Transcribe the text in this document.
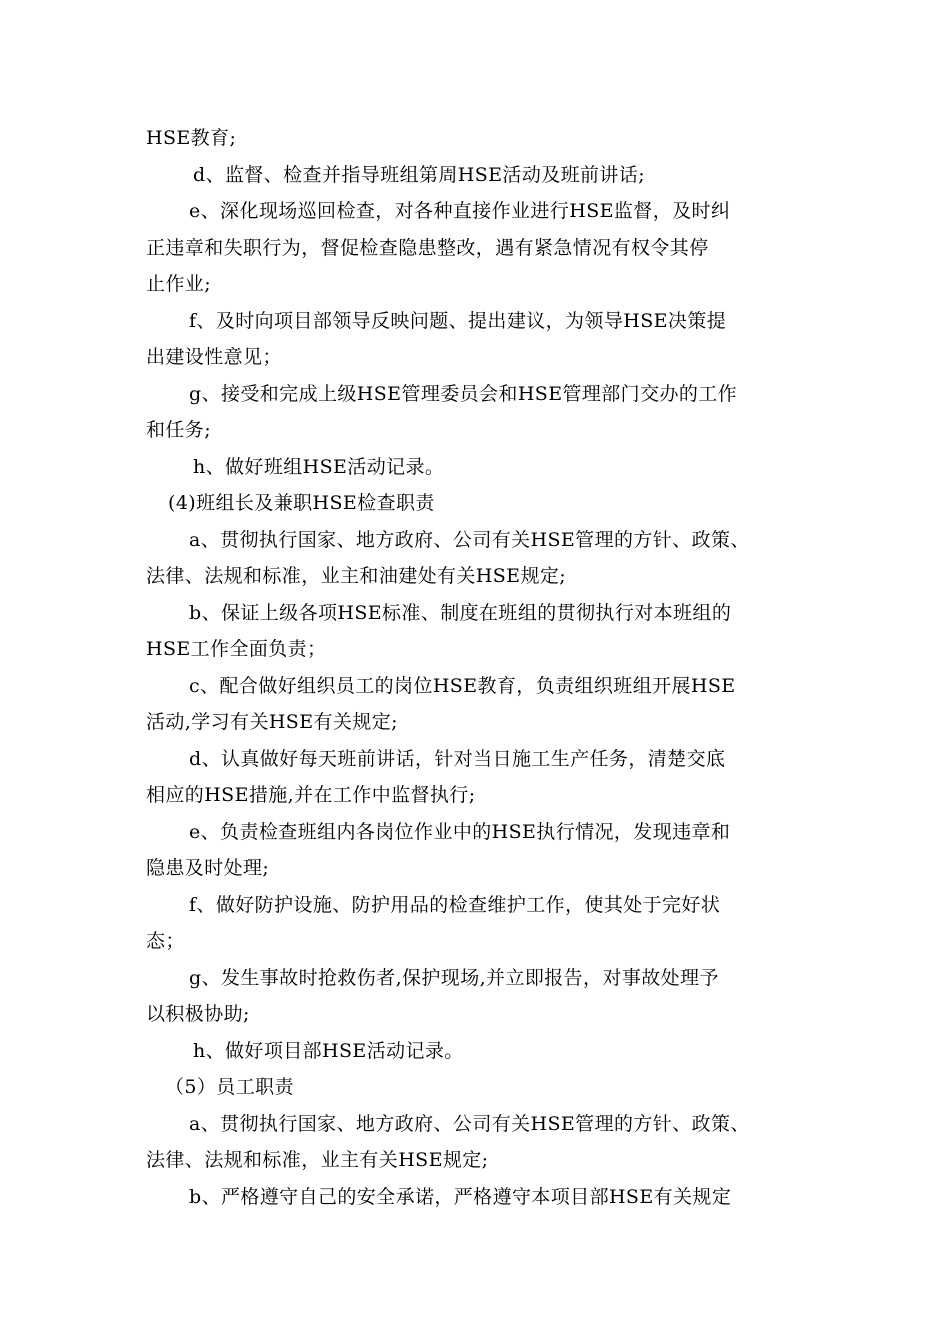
HSE教育;
d、监督、检查并指导班组第周HSE活动及班前讲话;
e、深化现场巡回检查，对各种直接作业进行HSE监督，及时纠
正违章和失职行为，督促检查隐患整改，遇有紧急情况有权令其停
止作业;
f、及时向项目部领导反映问题、提出建议，为领导HSE决策提
出建设性意见；
g、接受和完成上级HSE管理委员会和HSE管理部门交办的工作
和任务;
h、做好班组HSE活动记录。
(4)班组长及兼职HSE检查职责
a、贯彻执行国家、地方政府、公司有关HSE管理的方针、政策、
法律、法规和标准，业主和油建处有关HSE规定;
b、保证上级各项HSE标准、制度在班组的贯彻执行对本班组的
HSE工作全面负责；
c、配合做好组织员工的岗位HSE教育，负责组织班组开展HSE
活动,学习有关HSE有关规定;
d、认真做好每天班前讲话，针对当日施工生产任务，清楚交底
相应的HSE措施,并在工作中监督执行;
e、负责检查班组内各岗位作业中的HSE执行情况，发现违章和
隐患及时处理;
f、做好防护设施、防护用品的检查维护工作，使其处于完好状
态；
g、发生事故时抢救伤者,保护现场,并立即报告，对事故处理予
以积极协助;
h、做好项目部HSE活动记录。
（5）员工职责
a、贯彻执行国家、地方政府、公司有关HSE管理的方针、政策、
法律、法规和标准，业主有关HSE规定;
b、严格遵守自己的安全承诺，严格遵守本项目部HSE有关规定
